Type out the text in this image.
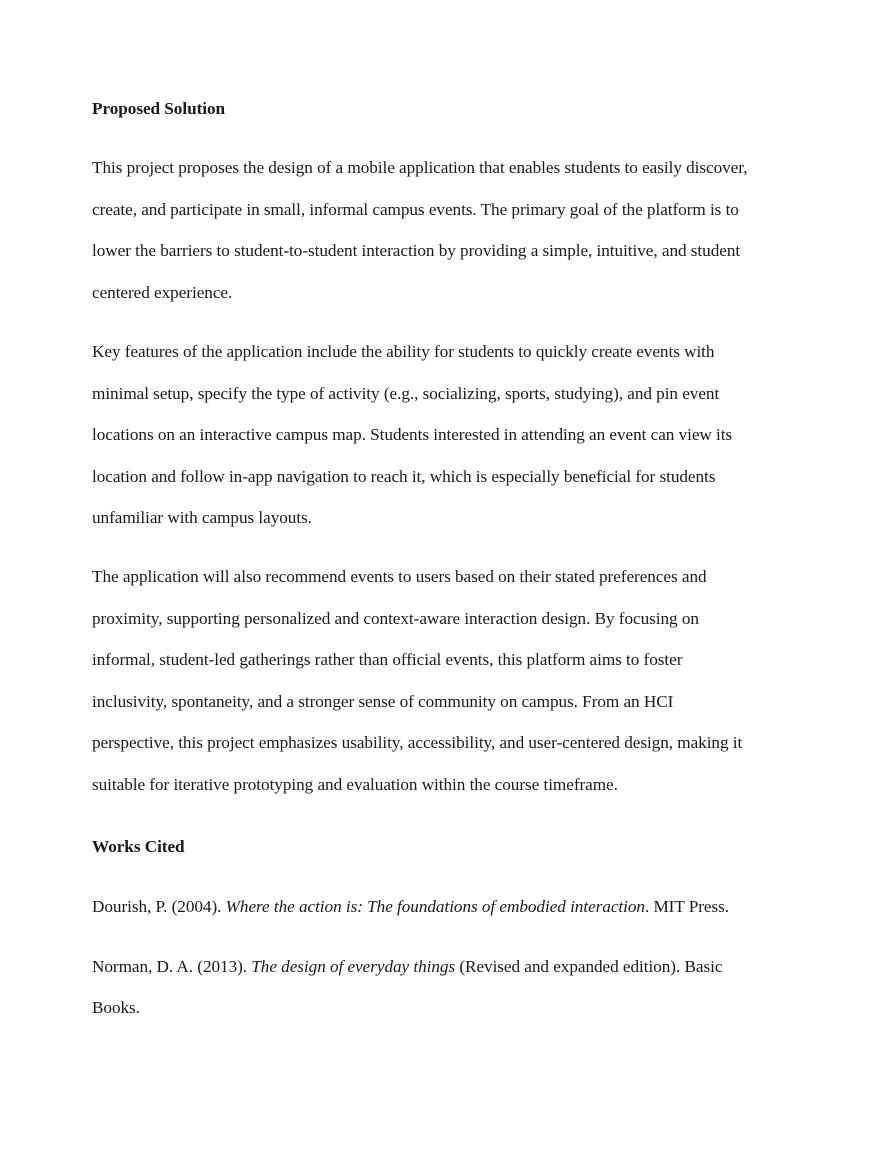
Proposed Solution
This project proposes the design of a mobile application that enables students to easily discover,
create, and participate in small, informal campus events. The primary goal of the platform is to
lower the barriers to student-to-student interaction by providing a simple, intuitive, and student
centered experience.
Key features of the application include the ability for students to quickly create events with
minimal setup, specify the type of activity (e.g., socializing, sports, studying), and pin event
locations on an interactive campus map. Students interested in attending an event can view its
location and follow in-app navigation to reach it, which is especially beneficial for students
unfamiliar with campus layouts.
The application will also recommend events to users based on their stated preferences and
proximity, supporting personalized and context-aware interaction design. By focusing on
informal, student-led gatherings rather than official events, this platform aims to foster
inclusivity, spontaneity, and a stronger sense of community on campus. From an HCI
perspective, this project emphasizes usability, accessibility, and user-centered design, making it
suitable for iterative prototyping and evaluation within the course timeframe.
Works Cited
Dourish, P. (2004). Where the action is: The foundations of embodied interaction. MIT Press.
Norman, D. A. (2013). The design of everyday things (Revised and expanded edition). Basic
Books.
